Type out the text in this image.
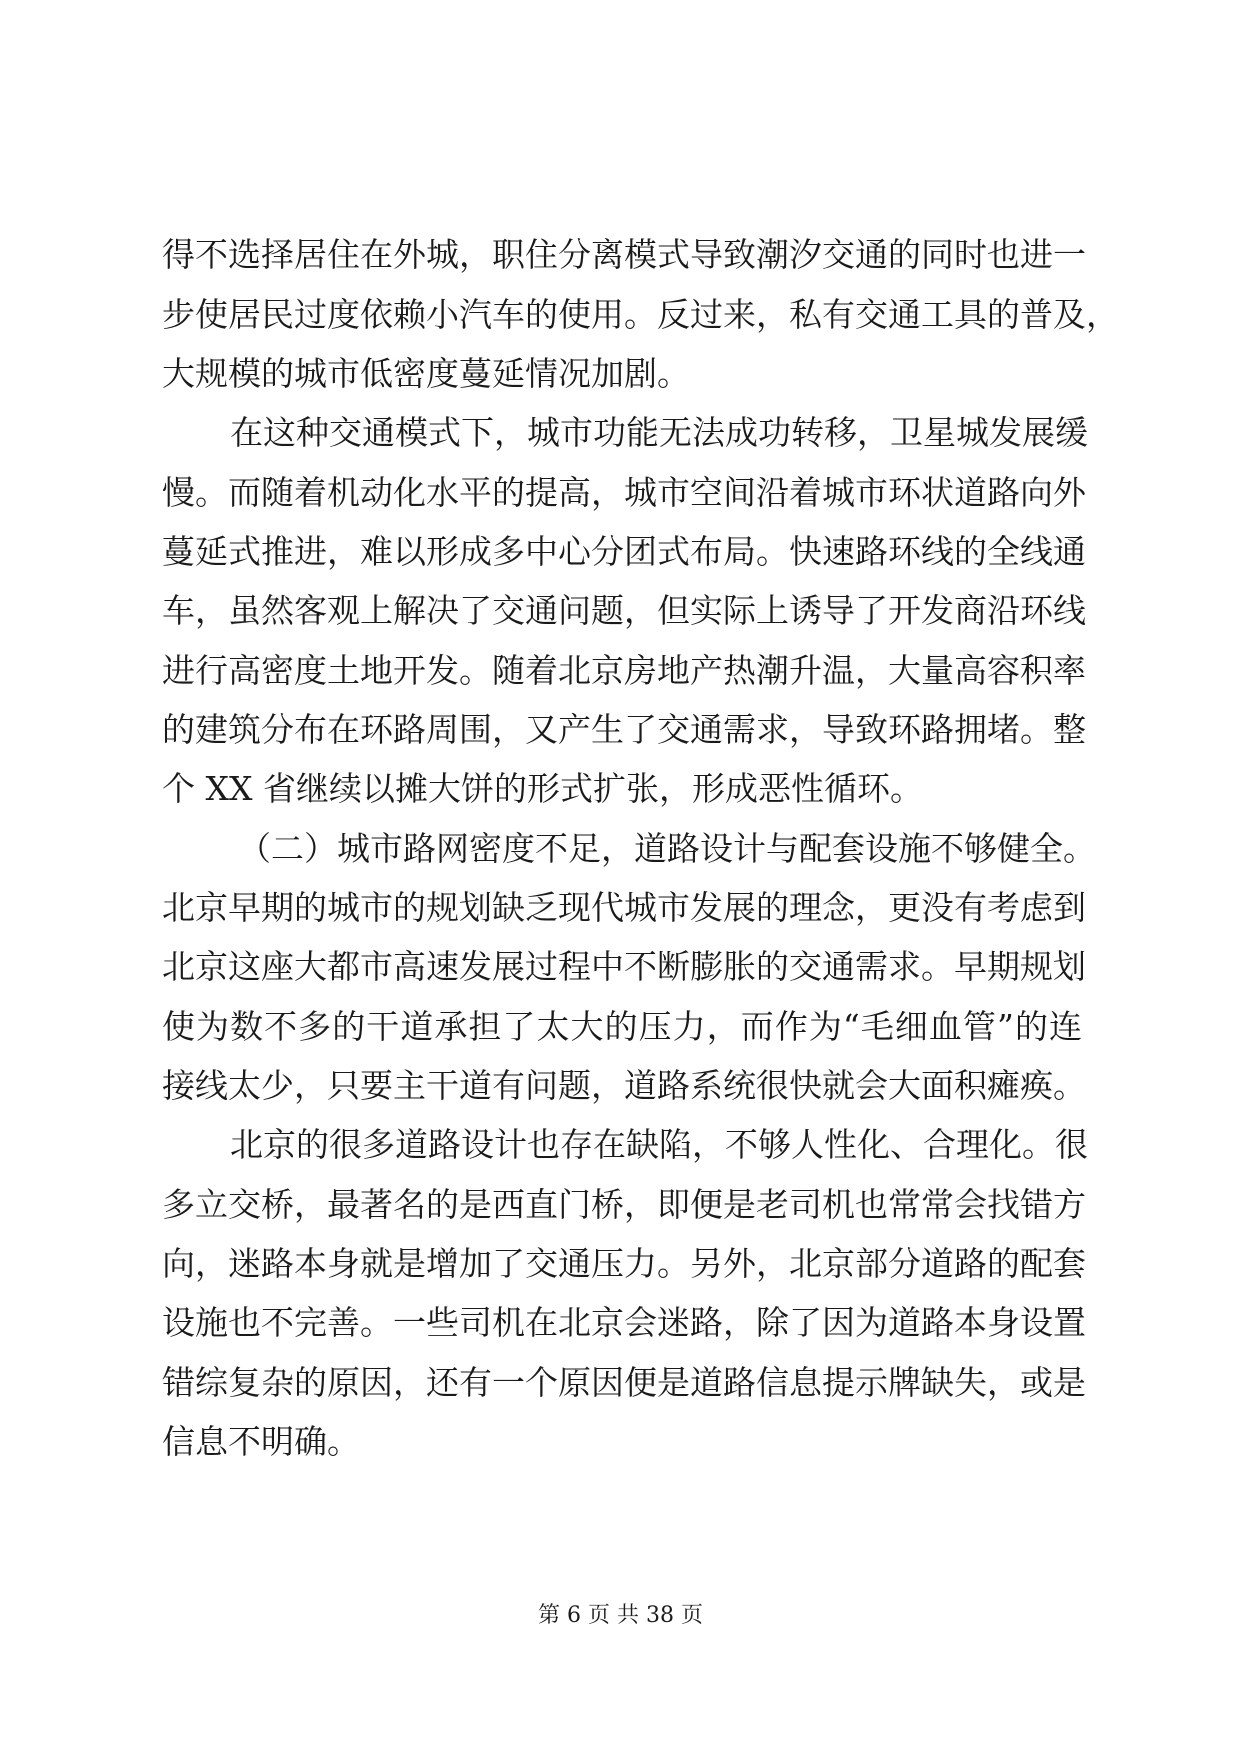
得不选择居住在外城，职住分离模式导致潮汐交通的同时也进一
步使居民过度依赖小汽车的使用。反过来，私有交通工具的普及，
大规模的城市低密度蔓延情况加剧。
在这种交通模式下，城市功能无法成功转移，卫星城发展缓
慢。而随着机动化水平的提高，城市空间沿着城市环状道路向外
蔓延式推进，难以形成多中心分团式布局。快速路环线的全线通
车，虽然客观上解决了交通问题，但实际上诱导了开发商沿环线
进行高密度土地开发。随着北京房地产热潮升温，大量高容积率
的建筑分布在环路周围，又产生了交通需求，导致环路拥堵。整
个 XX 省继续以摊大饼的形式扩张，形成恶性循环。
（二）城市路网密度不足，道路设计与配套设施不够健全。
北京早期的城市的规划缺乏现代城市发展的理念，更没有考虑到
北京这座大都市高速发展过程中不断膨胀的交通需求。早期规划
使为数不多的干道承担了太大的压力，而作为“毛细血管”的连
接线太少，只要主干道有问题，道路系统很快就会大面积瘫痪。
北京的很多道路设计也存在缺陷，不够人性化、合理化。很
多立交桥，最著名的是西直门桥，即便是老司机也常常会找错方
向，迷路本身就是增加了交通压力。另外，北京部分道路的配套
设施也不完善。一些司机在北京会迷路，除了因为道路本身设置
错综复杂的原因，还有一个原因便是道路信息提示牌缺失，或是
信息不明确。
第 6 页 共 38 页
